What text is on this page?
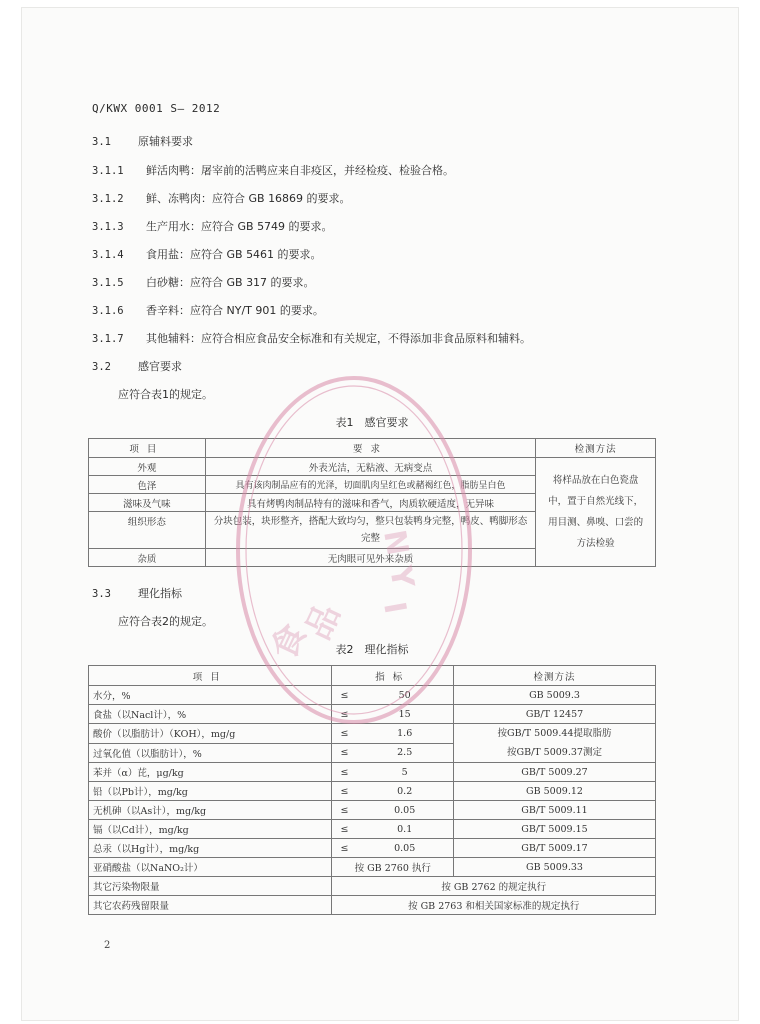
Q/KWX 0001 S— 2012
3.1 原辅料要求
3.1.1 鲜活肉鸭：屠宰前的活鸭应来自非疫区，并经检疫、检验合格。
3.1.2 鲜、冻鸭肉：应符合 GB 16869 的要求。
3.1.3 生产用水：应符合 GB 5749 的要求。
3.1.4 食用盐：应符合 GB 5461 的要求。
3.1.5 白砂糖：应符合 GB 317 的要求。
3.1.6 香辛料：应符合 NY/T 901 的要求。
3.1.7 其他辅料：应符合相应食品安全标准和有关规定，不得添加非食品原料和辅料。
3.2 感官要求
应符合表1的规定。
表1　感官要求
项目	要求	检测方法
外观	外表光洁，无粘液、无病变点	将样品放在白色瓷盘中，置于自然光线下，用目测、鼻嗅、口尝的方法检验
色泽	具有该肉制品应有的光泽，切面肌肉呈红色或赭褐红色，脂肪呈白色	
滋味及气味	具有烤鸭肉制品特有的滋味和香气，肉质软硬适度，无异味	
组织形态	分块包装，块形整齐，搭配大致均匀，整只包装鸭身完整，鸭皮、鸭脚形态完整	
杂质	无肉眼可见外来杂质	
3.3 理化指标
应符合表2的规定。
表2　理化指标
项目	指标		检测方法
水分，%	≤	50	GB 5009.3
食盐（以Nacl计），%	≤	15	GB/T 12457
酸价（以脂肪计）（KOH），mg/g	≤	1.6	按GB/T 5009.44提取脂肪
按GB/T 5009.37测定

过氧化值（以脂肪计），%	≤	2.5	
苯并（α）芘，μg/kg	≤	5	GB/T 5009.27
铅（以Pb计），mg/kg	≤	0.2	GB 5009.12
无机砷（以As计），mg/kg	≤	0.05	GB/T 5009.11
镉（以Cd计），mg/kg	≤	0.1	GB/T 5009.15
总汞（以Hg计），mg/kg	≤	0.05	GB/T 5009.17
亚硝酸盐（以NaNO₂计）	按 GB 2760 执行		GB 5009.33
其它污染物限量	按 GB 2762 的规定执行		
其它农药残留限量	按 GB 2763 和相关国家标准的规定执行		
食
品
N
Y
I
2
